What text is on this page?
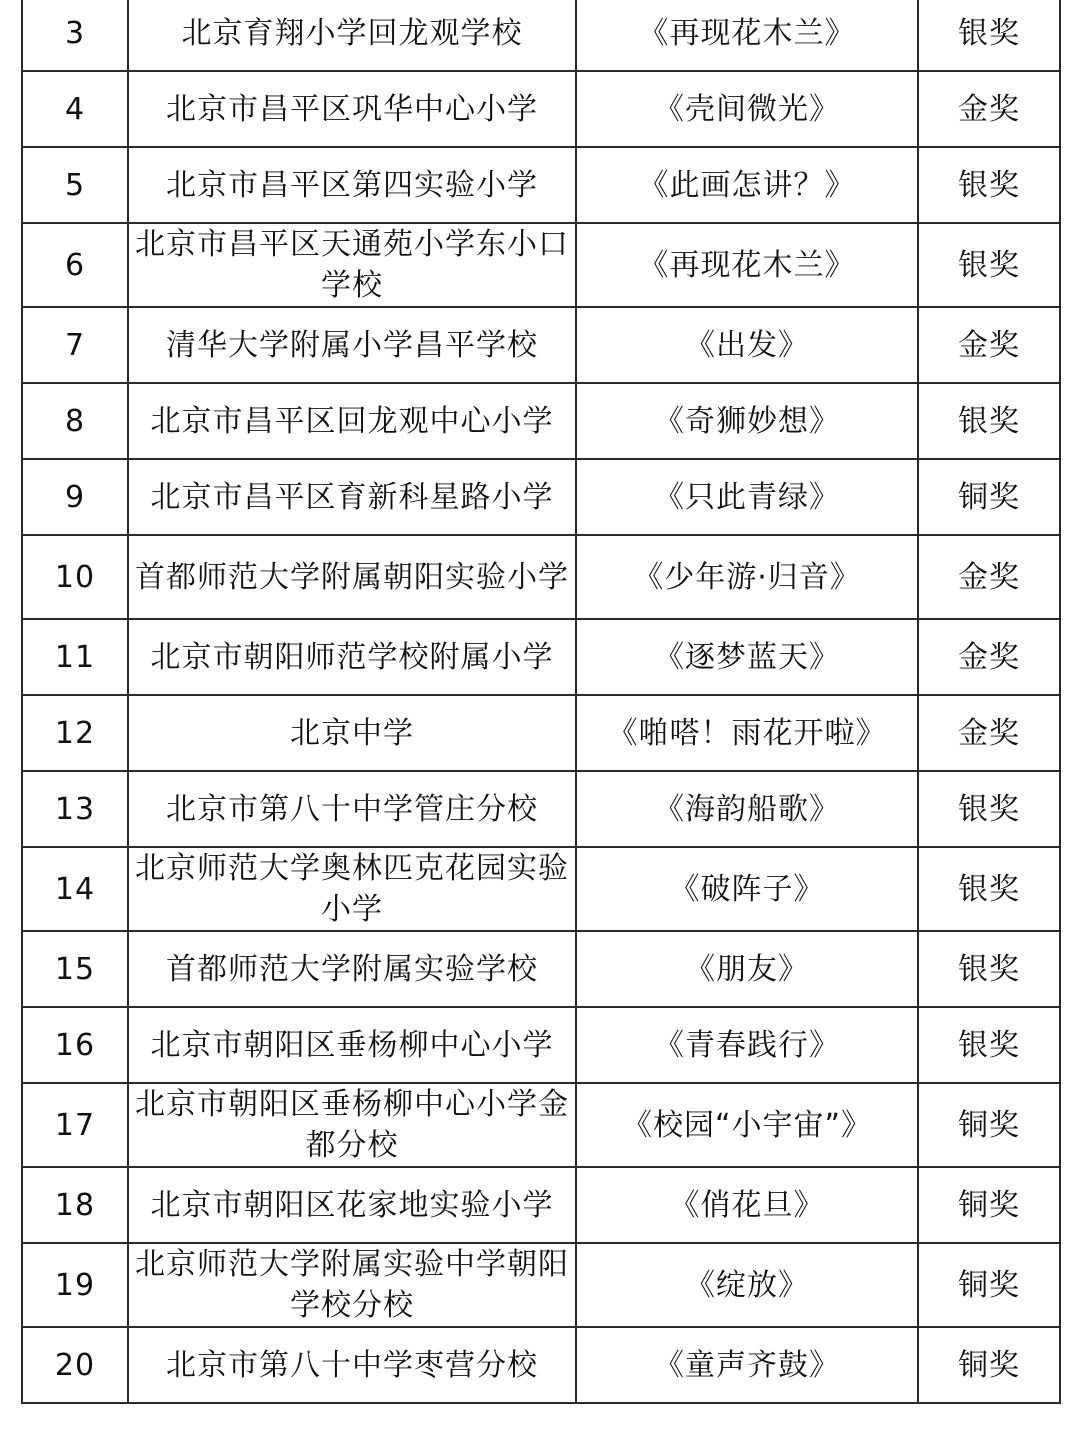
3	北京育翔小学回龙观学校	《再现花木兰》	银奖
4	北京市昌平区巩华中心小学	《壳间微光》	金奖
5	北京市昌平区第四实验小学	《此画怎讲？》	银奖
6	北京市昌平区天通苑小学东小口学校	《再现花木兰》	银奖
7	清华大学附属小学昌平学校	《出发》	金奖
8	北京市昌平区回龙观中心小学	《奇狮妙想》	银奖
9	北京市昌平区育新科星路小学	《只此青绿》	铜奖
10	首都师范大学附属朝阳实验小学	《少年游·归音》	金奖
11	北京市朝阳师范学校附属小学	《逐梦蓝天》	金奖
12	北京中学	《啪嗒！雨花开啦》	金奖
13	北京市第八十中学管庄分校	《海韵船歌》	银奖
14	北京师范大学奥林匹克花园实验小学	《破阵子》	银奖
15	首都师范大学附属实验学校	《朋友》	银奖
16	北京市朝阳区垂杨柳中心小学	《青春践行》	银奖
17	北京市朝阳区垂杨柳中心小学金都分校	《校园“小宇宙”》	铜奖
18	北京市朝阳区花家地实验小学	《俏花旦》	铜奖
19	北京师范大学附属实验中学朝阳学校分校	《绽放》	铜奖
20	北京市第八十中学枣营分校	《童声齐鼓》	铜奖
